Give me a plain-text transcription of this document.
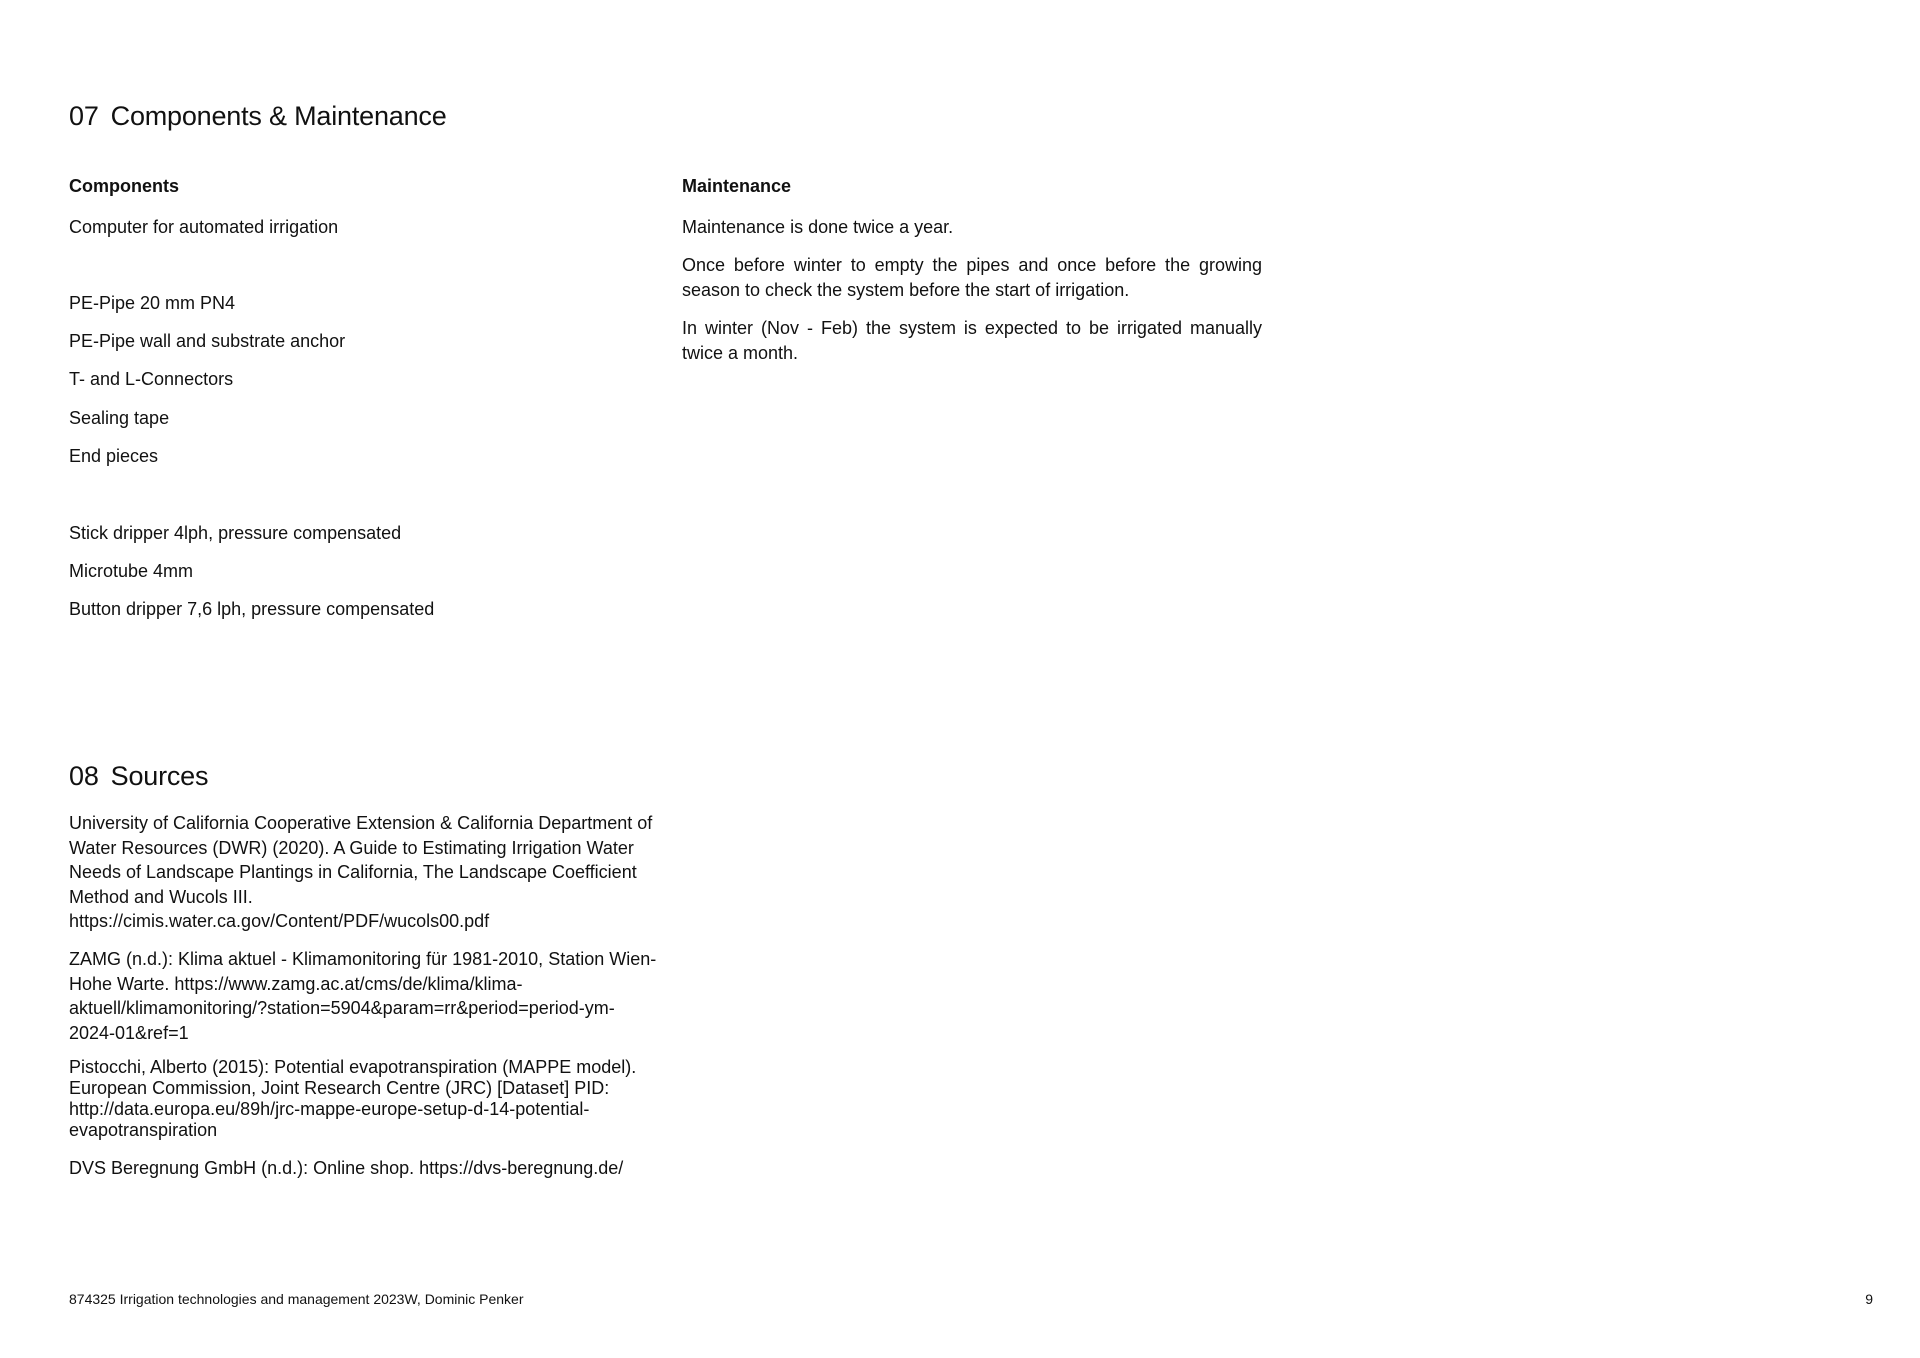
07 Components & Maintenance

Components

Computer for automated irrigation

PE-Pipe 20 mm PN4

PE-Pipe wall and substrate anchor

T- and L-Connectors

Sealing tape

End pieces

Stick dripper 4lph, pressure compensated

Microtube 4mm

Button dripper 7,6 lph, pressure compensated

Maintenance

Maintenance is done twice a year.

Once before winter to empty the pipes and once before the growing season to check the system before the start of irrigation.

In winter (Nov - Feb) the system is expected to be irrigated manually twice a month.

08 Sources

University of California Cooperative Extension & California Department of Water Resources (DWR) (2020). A Guide to Estimating Irrigation Water Needs of Landscape Plantings in California, The Landscape Coefficient Method and Wucols III. https://cimis.water.ca.gov/Content/PDF/wucols00.pdf

ZAMG (n.d.): Klima aktuel - Klimamonitoring für 1981-2010, Station Wien-Hohe Warte. https://www.zamg.ac.at/cms/de/klima/klima-aktuell/klimamonitoring/?station=5904&param=rr&period=period-ym-2024-01&ref=1

Pistocchi, Alberto (2015): Potential evapotranspiration (MAPPE model). European Commission, Joint Research Centre (JRC) [Dataset] PID: http://data.europa.eu/89h/jrc-mappe-europe-setup-d-14-potential-evapotranspiration

DVS Beregnung GmbH (n.d.): Online shop. https://dvs-beregnung.de/

874325 Irrigation technologies and management 2023W, Dominic Penker	9
